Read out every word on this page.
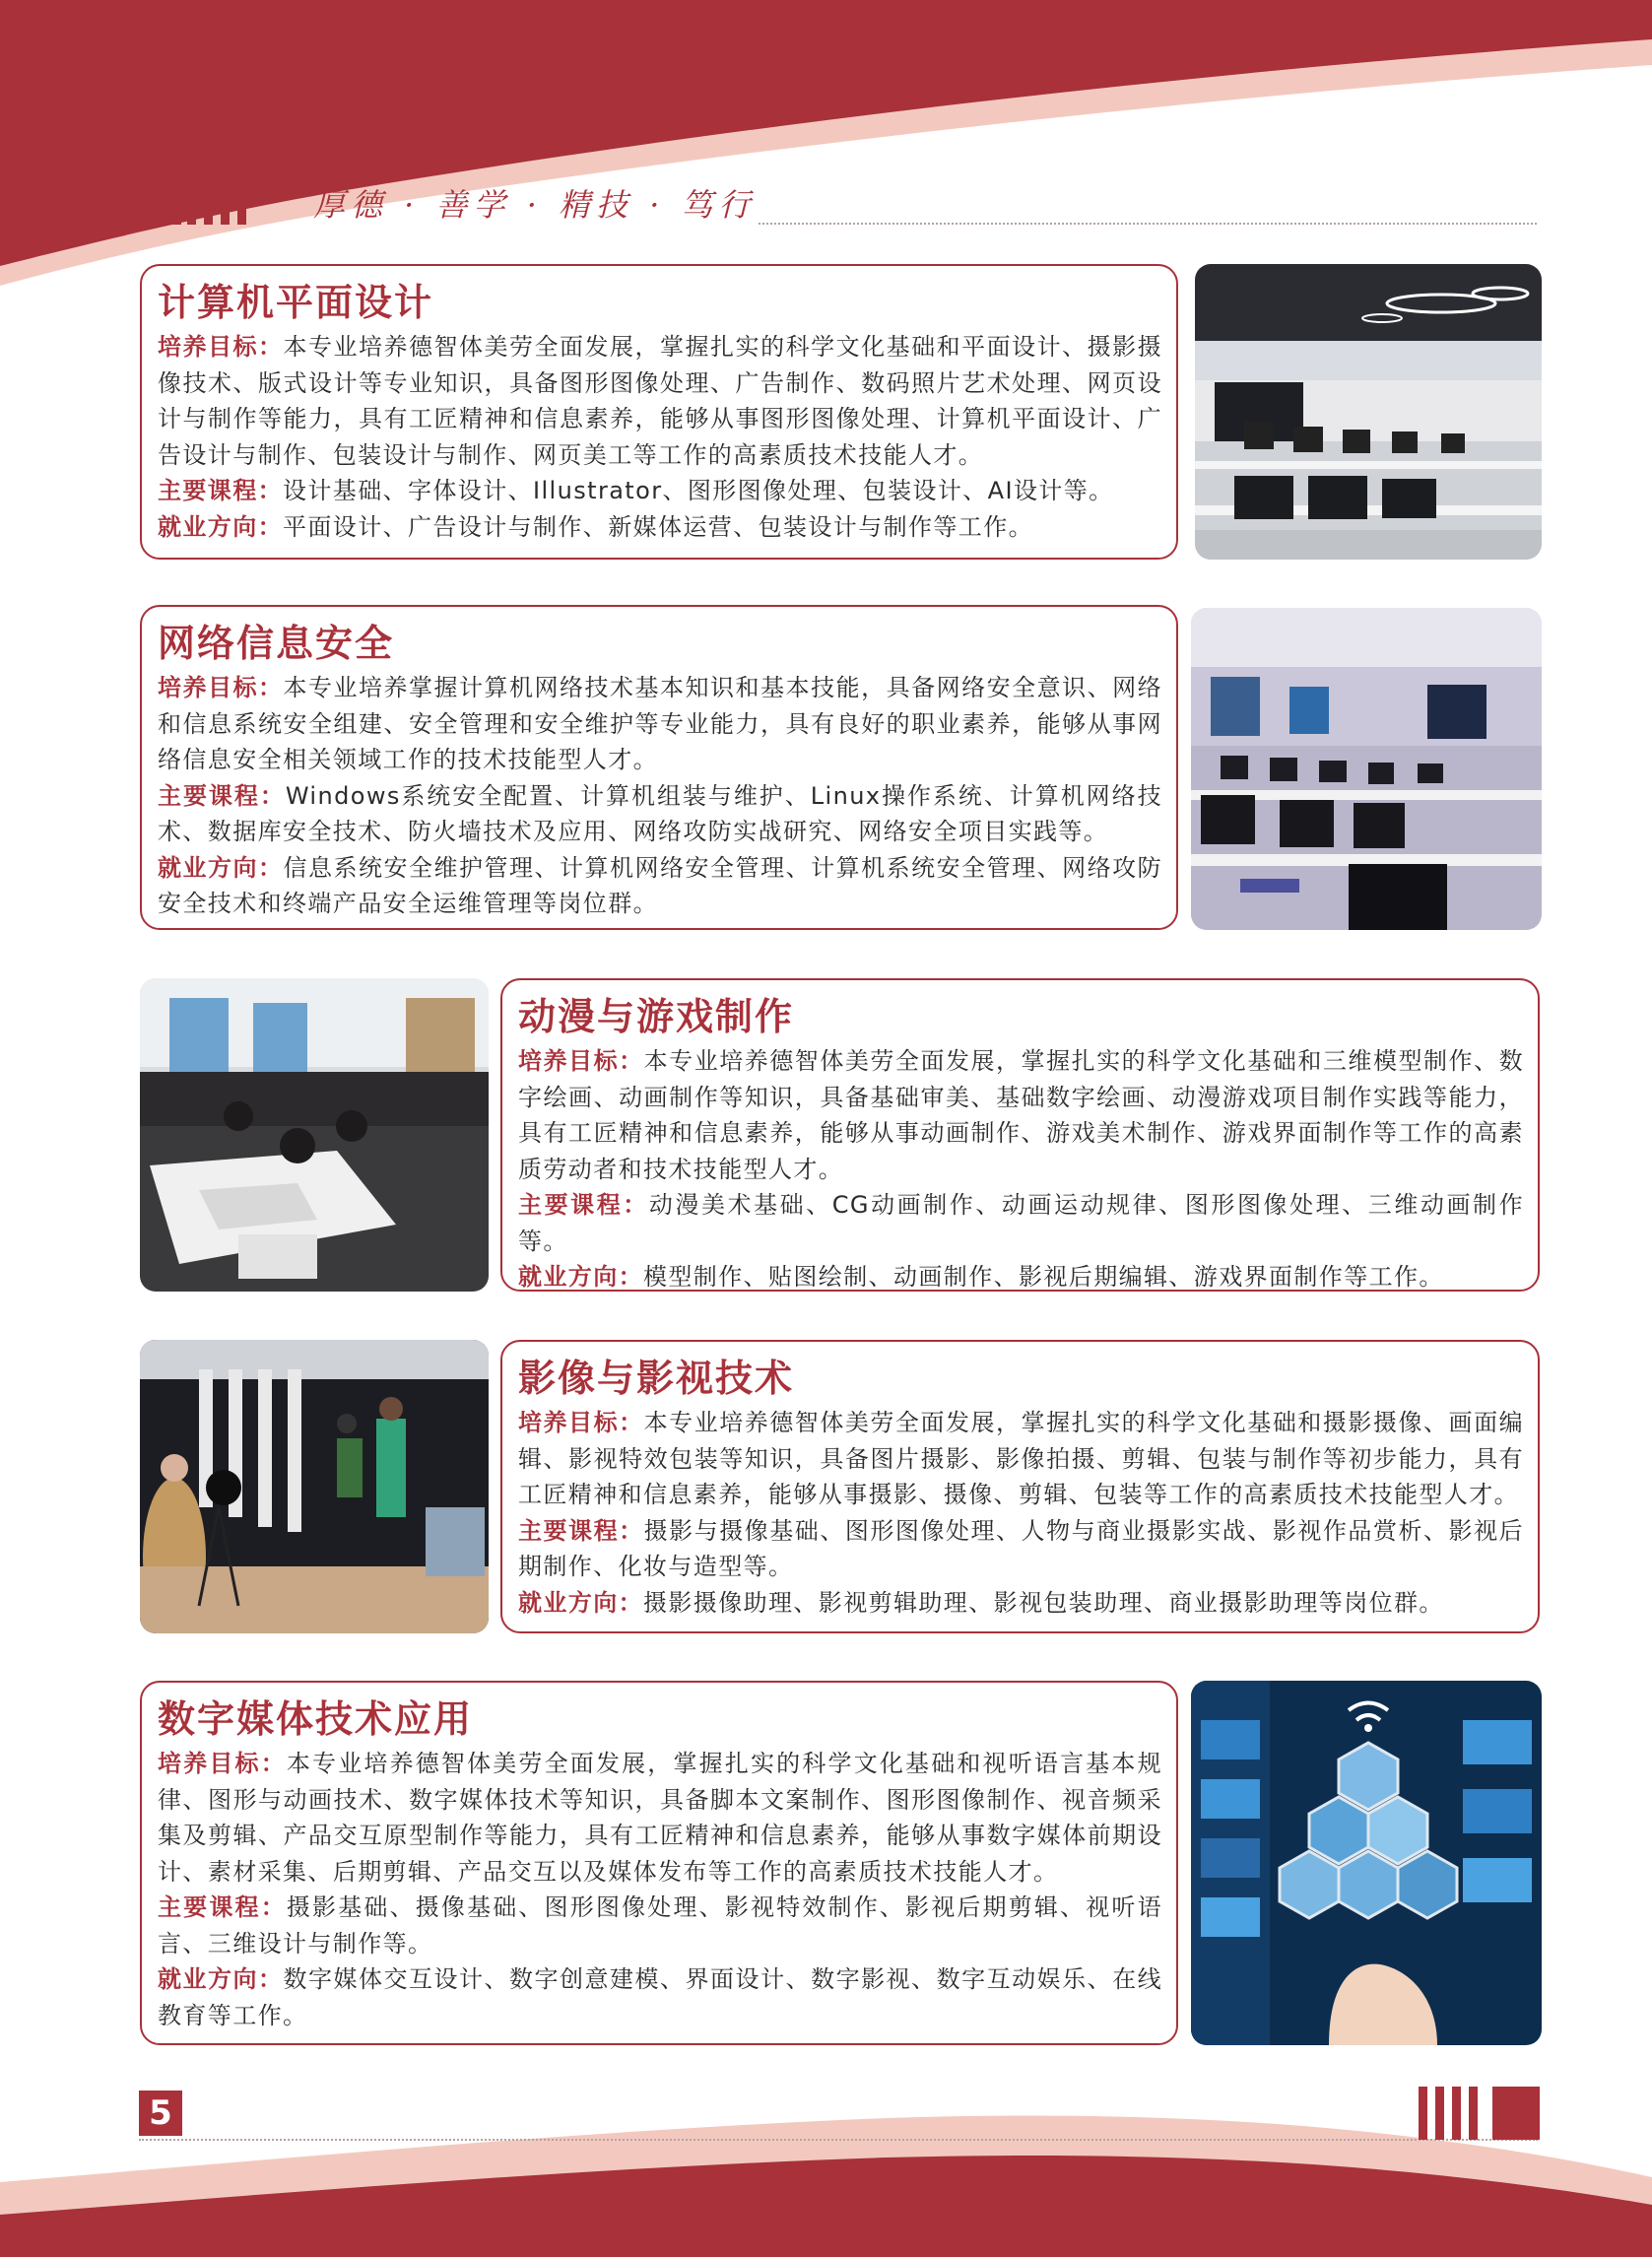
厚德 · 善学 · 精技 · 笃行
计算机平面设计

培养目标：本专业培养德智体美劳全面发展，掌握扎实的科学文化基础和平面设计、摄影摄像技术、版式设计等专业知识，具备图形图像处理、广告制作、数码照片艺术处理、网页设计与制作等能力，具有工匠精神和信息素养，能够从事图形图像处理、计算机平面设计、广告设计与制作、包装设计与制作、网页美工等工作的高素质技术技能人才。

主要课程：设计基础、字体设计、Illustrator、图形图像处理、包装设计、AI设计等。

就业方向：平面设计、广告设计与制作、新媒体运营、包装设计与制作等工作。

网络信息安全

培养目标：本专业培养掌握计算机网络技术基本知识和基本技能，具备网络安全意识、网络和信息系统安全组建、安全管理和安全维护等专业能力，具有良好的职业素养，能够从事网络信息安全相关领域工作的技术技能型人才。

主要课程：Windows系统安全配置、计算机组装与维护、Linux操作系统、计算机网络技术、数据库安全技术、防火墙技术及应用、网络攻防实战研究、网络安全项目实践等。

就业方向：信息系统安全维护管理、计算机网络安全管理、计算机系统安全管理、网络攻防安全技术和终端产品安全运维管理等岗位群。

动漫与游戏制作

培养目标：本专业培养德智体美劳全面发展，掌握扎实的科学文化基础和三维模型制作、数字绘画、动画制作等知识，具备基础审美、基础数字绘画、动漫游戏项目制作实践等能力，具有工匠精神和信息素养，能够从事动画制作、游戏美术制作、游戏界面制作等工作的高素质劳动者和技术技能型人才。

主要课程：动漫美术基础、CG动画制作、动画运动规律、图形图像处理、三维动画制作等。

就业方向：模型制作、贴图绘制、动画制作、影视后期编辑、游戏界面制作等工作。

影像与影视技术

培养目标：本专业培养德智体美劳全面发展，掌握扎实的科学文化基础和摄影摄像、画面编辑、影视特效包装等知识，具备图片摄影、影像拍摄、剪辑、包装与制作等初步能力，具有工匠精神和信息素养，能够从事摄影、摄像、剪辑、包装等工作的高素质技术技能型人才。

主要课程：摄影与摄像基础、图形图像处理、人物与商业摄影实战、影视作品赏析、影视后期制作、化妆与造型等。

就业方向：摄影摄像助理、影视剪辑助理、影视包装助理、商业摄影助理等岗位群。

数字媒体技术应用

培养目标：本专业培养德智体美劳全面发展，掌握扎实的科学文化基础和视听语言基本规律、图形与动画技术、数字媒体技术等知识，具备脚本文案制作、图形图像制作、视音频采集及剪辑、产品交互原型制作等能力，具有工匠精神和信息素养，能够从事数字媒体前期设计、素材采集、后期剪辑、产品交互以及媒体发布等工作的高素质技术技能人才。

主要课程：摄影基础、摄像基础、图形图像处理、影视特效制作、影视后期剪辑、视听语言、三维设计与制作等。

就业方向：数字媒体交互设计、数字创意建模、界面设计、数字影视、数字互动娱乐、在线教育等工作。

5
